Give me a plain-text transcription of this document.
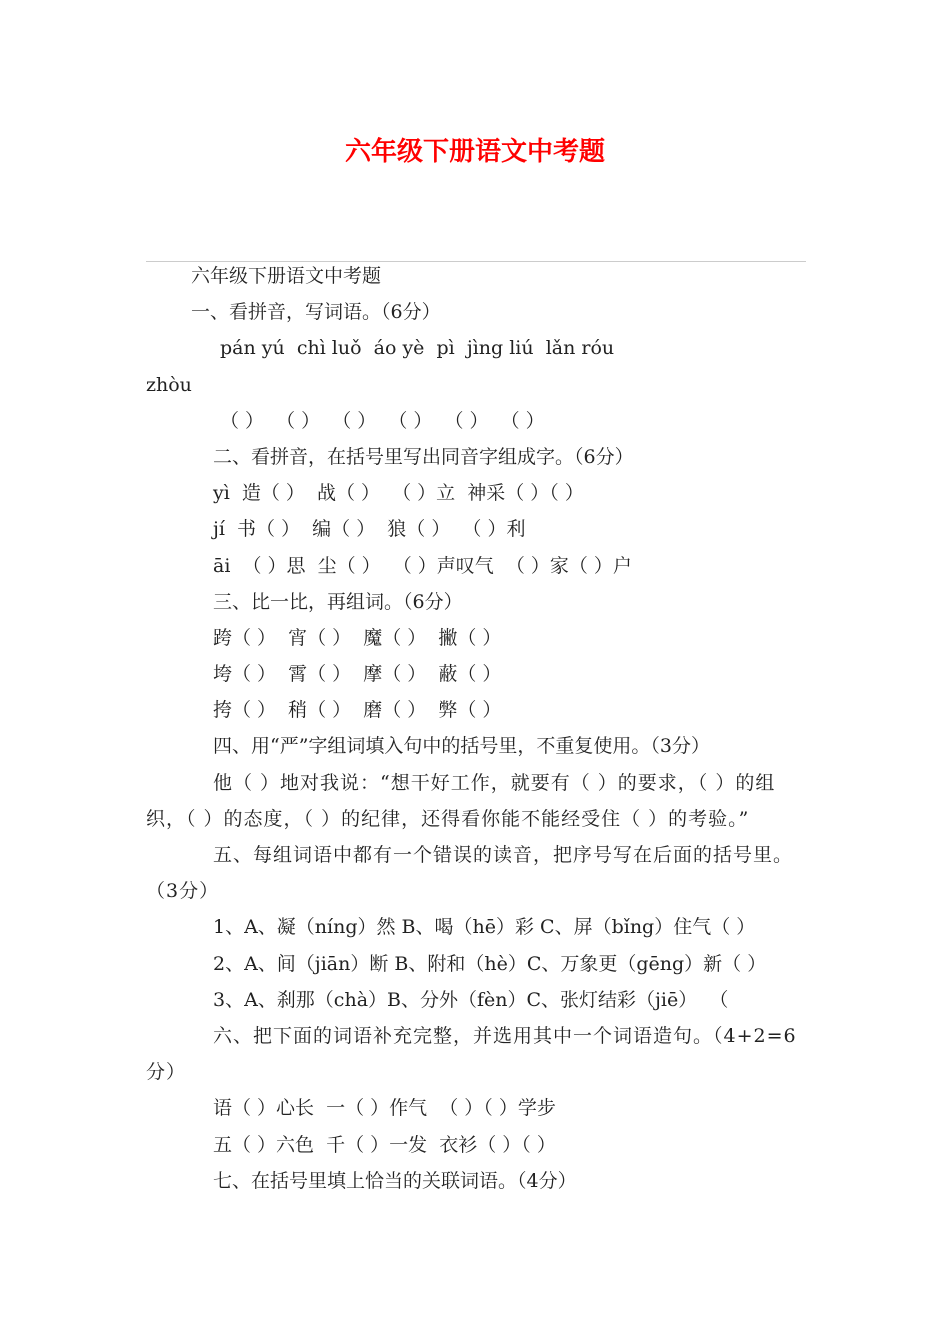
六年级下册语文中考题
六年级下册语文中考题
一、看拼音，写词语。（6分）
pán yú  chì luǒ  áo yè  pì  jìng liú  lǎn róu
zhòu
（ ）  （ ）  （ ）  （ ）  （ ）  （ ）
二、看拼音，在括号里写出同音字组成字。（6分）
yì  造（ ）  战（ ）  （ ）立  神采（ ）（ ）
jí  书（ ）  编（ ）  狼（ ）  （ ）利
āi  （ ）思  尘（ ）  （ ）声叹气  （ ）家（ ）户
三、比一比，再组词。（6分）
跨（ ）  宵（ ）  魔（ ）  撇（ ）
垮（ ）  霄（ ）  摩（ ）  蔽（ ）
挎（ ）  稍（ ）  磨（ ）  弊（ ）
四、用“严”字组词填入句中的括号里，不重复使用。（3分）
他（ ）地对我说：“想干好工作，就要有（ ）的要求，（ ）的组织，（ ）的态度，（ ）的纪律，还得看你能不能经受住（ ）的考验。”
五、每组词语中都有一个错误的读音，把序号写在后面的括号里。（3分）
1、A、凝（níng）然 B、喝（hē）彩 C、屏（bǐng）住气（ ）
2、A、间（jiān）断 B、附和（hè）C、万象更（gēng）新（ ）
3、A、刹那（chà）B、分外（fèn）C、张灯结彩（jiē）  （
六、把下面的词语补充完整，并选用其中一个词语造句。（4+2=6分）
语（ ）心长  一（ ）作气  （ ）（ ）学步
五（ ）六色  千（ ）一发  衣衫（ ）（ ）
七、在括号里填上恰当的关联词语。（4分）
